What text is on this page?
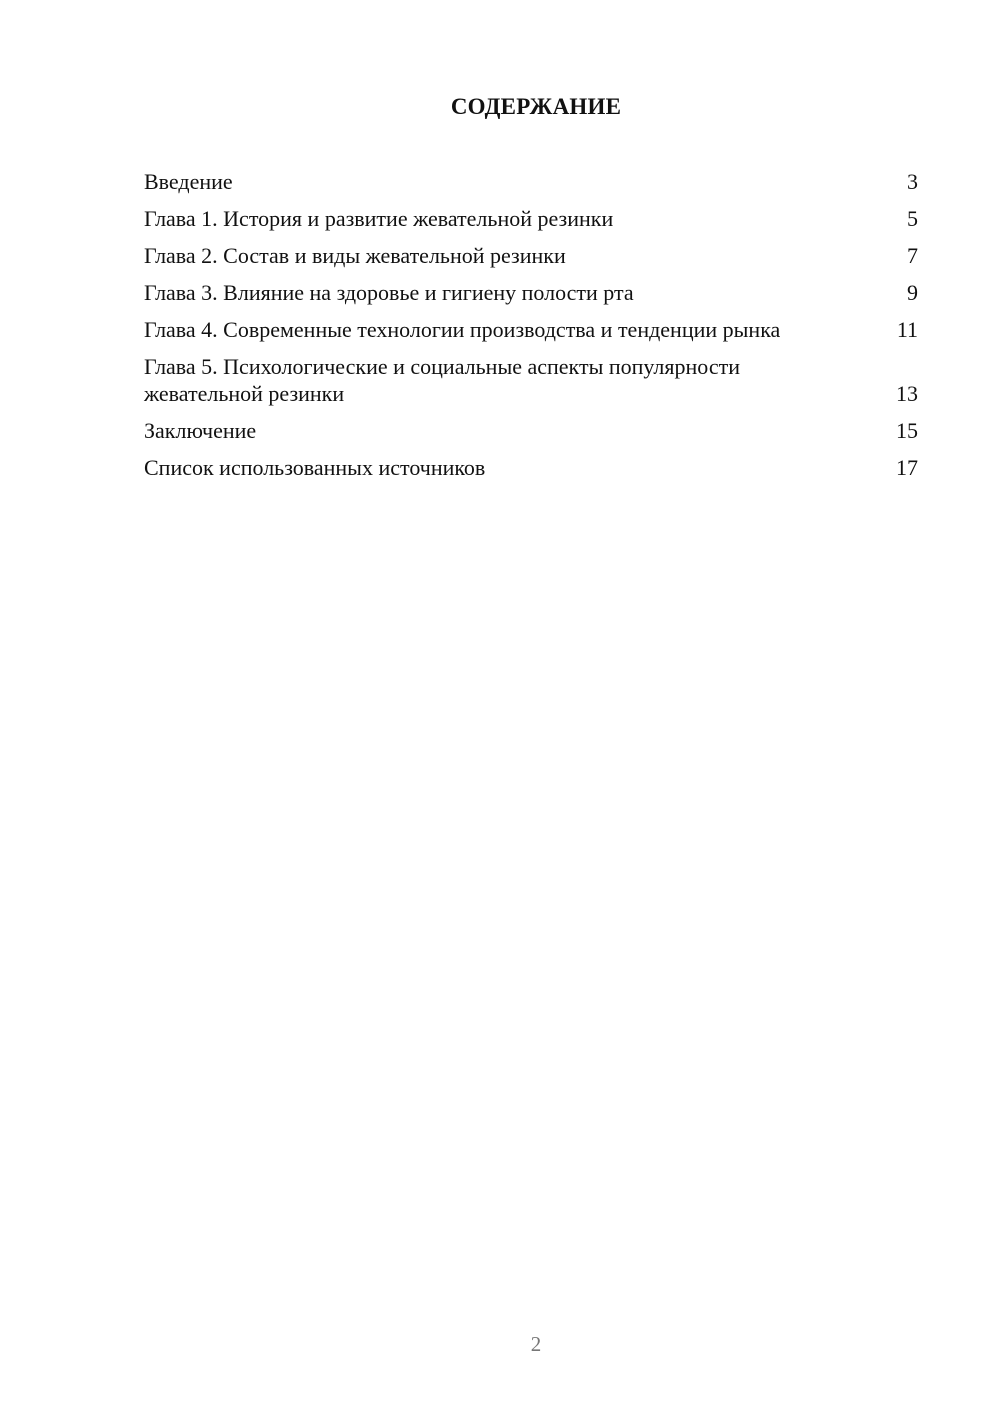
СОДЕРЖАНИЕ
Введение	3
Глава 1. История и развитие жевательной резинки	5
Глава 2. Состав и виды жевательной резинки	7
Глава 3. Влияние на здоровье и гигиену полости рта	9
Глава 4. Современные технологии производства и тенденции рынка	11
Глава 5. Психологические и социальные аспекты популярности жевательной резинки	13
Заключение	15
Список использованных источников	17
2
